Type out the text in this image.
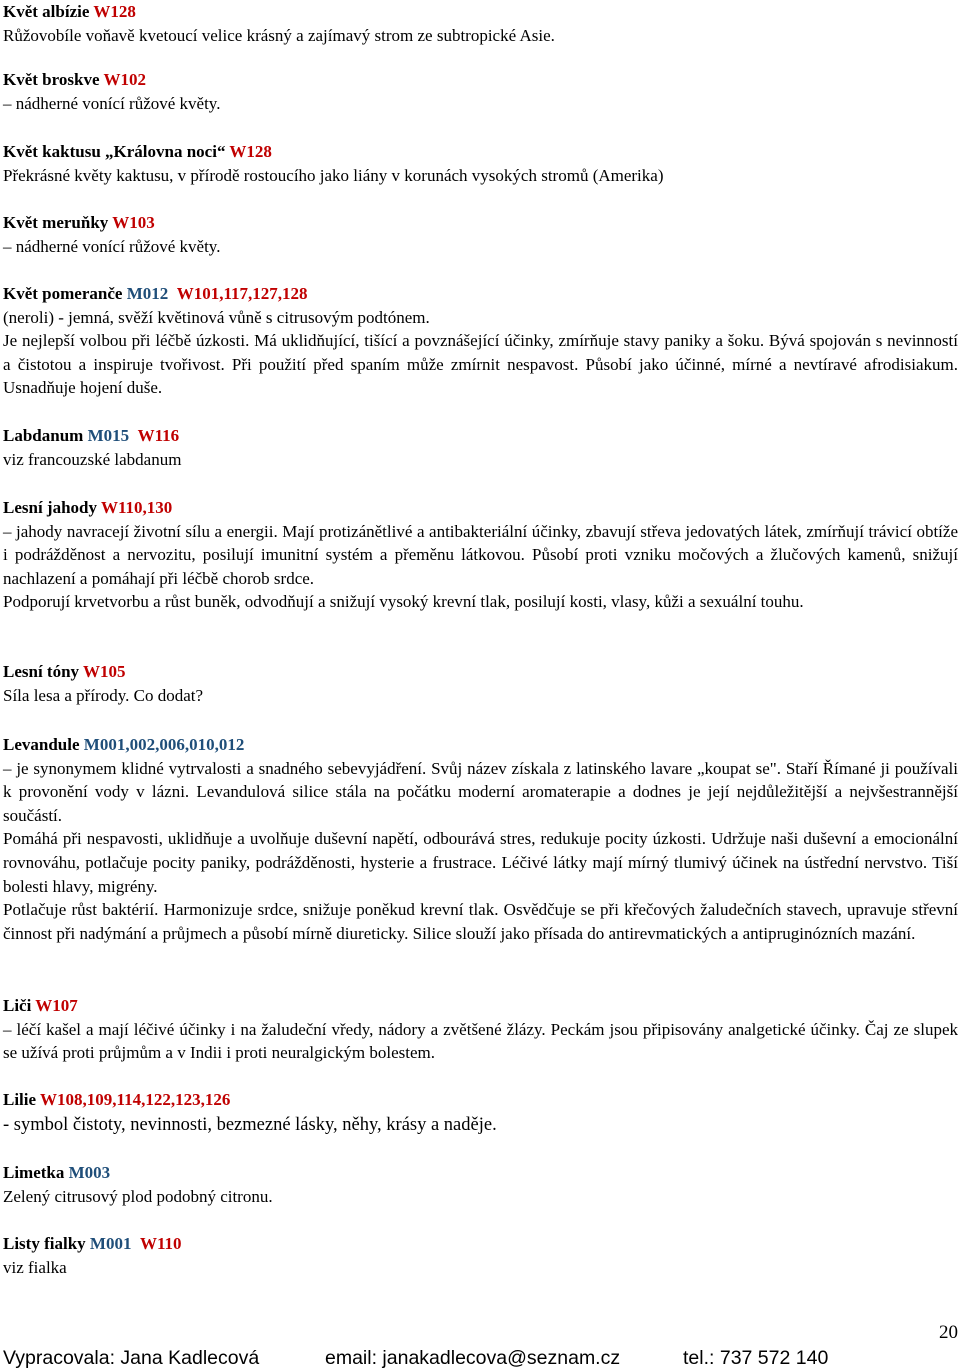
Květ albízie W128
Růžovobíle voňavě kvetoucí velice krásný a zajímavý strom ze subtropické Asie.
Květ broskve W102
– nádherné vonící růžové květy.
Květ kaktusu „Královna noci“ W128
Překrásné květy kaktusu, v přírodě rostoucího jako liány v korunách vysokých stromů (Amerika)
Květ meruňky W103
– nádherné vonící růžové květy.
Květ pomeranče M012 W101,117,127,128
(neroli) - jemná, svěží květinová vůně s citrusovým podtónem.
Je nejlepší volbou při léčbě úzkosti. Má uklidňující, tišící a povznášející účinky, zmírňuje stavy paniky a šoku. Bývá spojován s nevinností a čistotou a inspiruje tvořivost. Při použití před spaním může zmírnit nespavost. Působí jako účinné, mírné a nevtíravé afrodisiakum. Usnadňuje hojení duše.
Labdanum M015 W116
viz francouzské labdanum
Lesní jahody W110,130
– jahody navracejí životní sílu a energii. Mají protizánětlivé a antibakteriální účinky, zbavují střeva jedovatých látek, zmírňují trávicí obtíže i podrážděnost a nervozitu, posilují imunitní systém a přeměnu látkovou. Působí proti vzniku močových a žlučových kamenů, snižují nachlazení a pomáhají při léčbě chorob srdce.
Podporují krvetvorbu a růst buněk, odvodňují a snižují vysoký krevní tlak, posilují kosti, vlasy, kůži a sexuální touhu.
Lesní tóny W105
Síla lesa a přírody. Co dodat?
Levandule M001,002,006,010,012
– je synonymem klidné vytrvalosti a snadného sebevyjádření. Svůj název získala z latinského lavare „koupat se". Staří Římané ji používali k provonění vody v lázni. Levandulová silice stála na počátku moderní aromaterapie a dodnes je její nejdůležitější a nejvšestrannější součástí.
Pomáhá při nespavosti, uklidňuje a uvolňuje duševní napětí, odbourává stres, redukuje pocity úzkosti. Udržuje naši duševní a emocionální rovnováhu, potlačuje pocity paniky, podrážděnosti, hysterie a frustrace. Léčivé látky mají mírný tlumivý účinek na ústřední nervstvo. Tiší bolesti hlavy, migrény.
Potlačuje růst baktérií. Harmonizuje srdce, snižuje poněkud krevní tlak. Osvědčuje se při křečových žaludečních stavech, upravuje střevní činnost při nadýmání a průjmech a působí mírně diureticky. Silice slouží jako přísada do antirevmatických a antipruginózních mazání.
Liči W107
– léčí kašel a mají léčivé účinky i na žaludeční vředy, nádory a zvětšené žlázy. Peckám jsou připisovány analgetické účinky. Čaj ze slupek se užívá proti průjmům a v Indii i proti neuralgickým bolestem.
Lilie W108,109,114,122,123,126
- symbol čistoty, nevinnosti, bezmezné lásky, něhy, krásy a naděje.
Limetka M003
Zelený citrusový plod podobný citronu.
Listy fialky M001 W110
viz fialka
20
Vypracovala: Jana Kadlecová	email: janakadlecova@seznam.cz	tel.: 737 572 140
